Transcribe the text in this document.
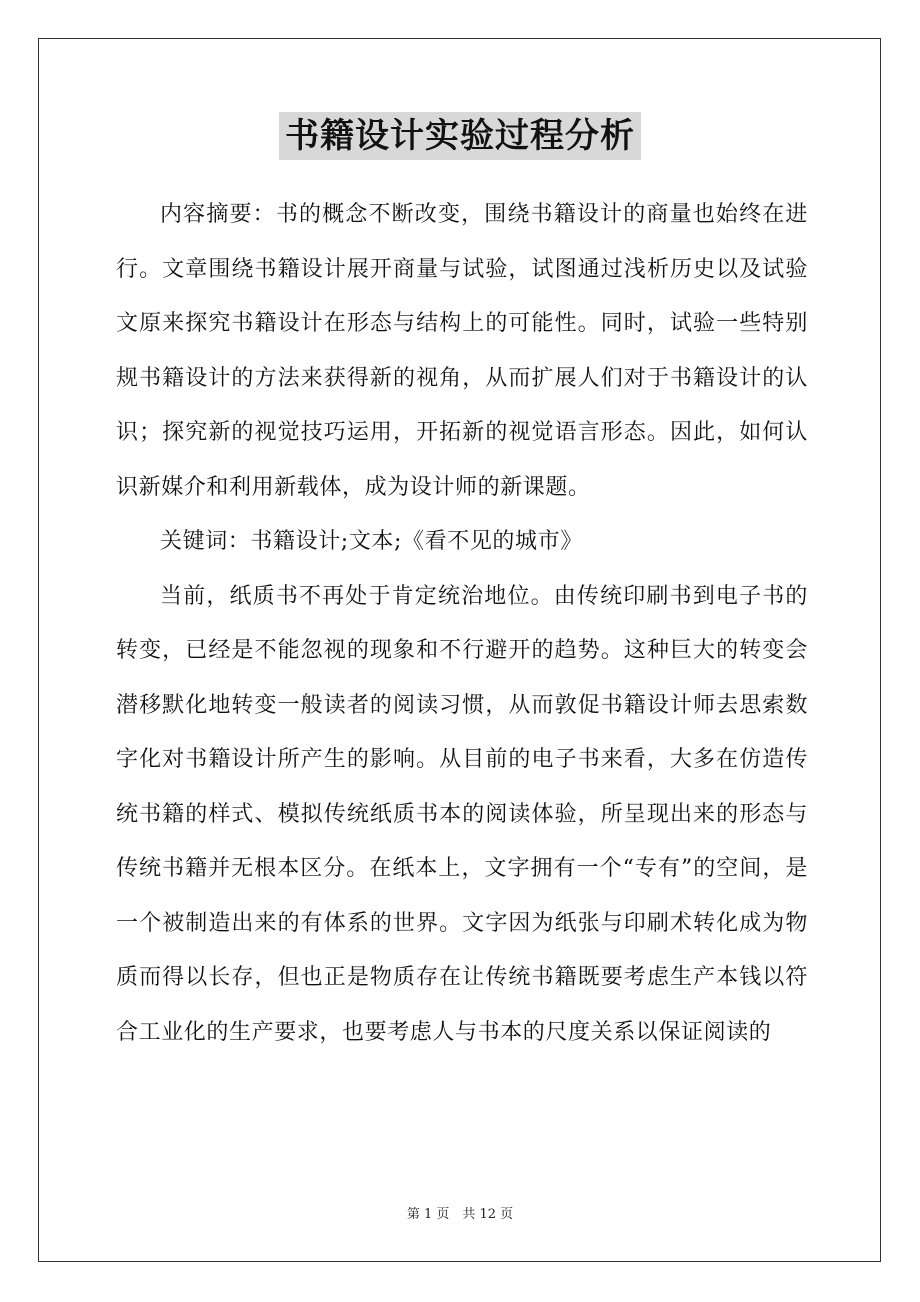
书籍设计实验过程分析

内容摘要：书的概念不断改变，围绕书籍设计的商量也始终在进行。文章围绕书籍设计展开商量与试验，试图通过浅析历史以及试验文原来探究书籍设计在形态与结构上的可能性。同时，试验一些特别规书籍设计的方法来获得新的视角，从而扩展人们对于书籍设计的认识；探究新的视觉技巧运用，开拓新的视觉语言形态。因此，如何认识新媒介和利用新载体，成为设计师的新课题。

关键词：书籍设计;文本;《看不见的城市》

当前，纸质书不再处于肯定统治地位。由传统印刷书到电子书的转变，已经是不能忽视的现象和不行避开的趋势。这种巨大的转变会潜移默化地转变一般读者的阅读习惯，从而敦促书籍设计师去思索数字化对书籍设计所产生的影响。从目前的电子书来看，大多在仿造传统书籍的样式、模拟传统纸质书本的阅读体验，所呈现出来的形态与传统书籍并无根本区分。在纸本上，文字拥有一个“专有”的空间，是一个被制造出来的有体系的世界。文字因为纸张与印刷术转化成为物质而得以长存，但也正是物质存在让传统书籍既要考虑生产本钱以符合工业化的生产要求，也要考虑人与书本的尺度关系以保证阅读的

第 1 页　共 12 页
